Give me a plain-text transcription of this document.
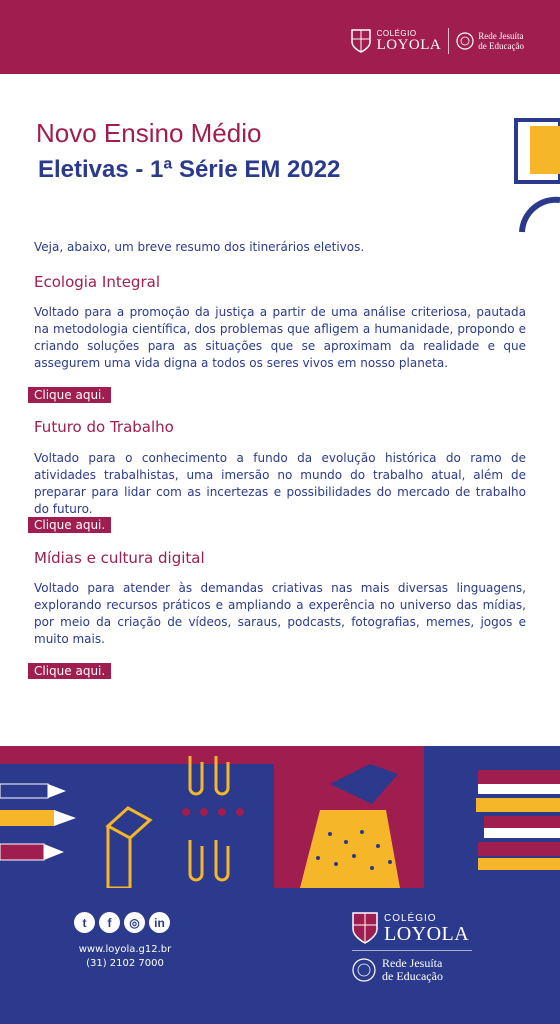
COLÉGIO
LOYOLA
Rede Jesuíta
de Educação
Novo Ensino Médio
Eletivas - 1ª Série EM 2022
Veja, abaixo, um breve resumo dos itinerários eletivos.
Ecologia Integral
Voltado para a promoção da justiça a partir de uma análise criteriosa, pautada na metodologia científica, dos problemas que afligem a humanidade, propondo e criando soluções para as situações que se aproximam da realidade e que assegurem uma vida digna a todos os seres vivos em nosso planeta.
Clique aqui.
Futuro do Trabalho
Voltado para o conhecimento a fundo da evolução histórica do ramo de atividades trabalhistas, uma imersão no mundo do trabalho atual, além de preparar para lidar com as incertezas e possibilidades do mercado de trabalho do futuro.
Clique aqui.
Mídias e cultura digital
Voltado para atender às demandas criativas nas mais diversas linguagens, explorando recursos práticos e ampliando a experência no universo das mídias, por meio da criação de vídeos, saraus, podcasts, fotografias, memes, jogos e muito mais.
Clique aqui.
t f ◎ in
www.loyola.g12.br
(31) 2102 7000
COLÉGIO
LOYOLA
Rede Jesuíta
de Educação
